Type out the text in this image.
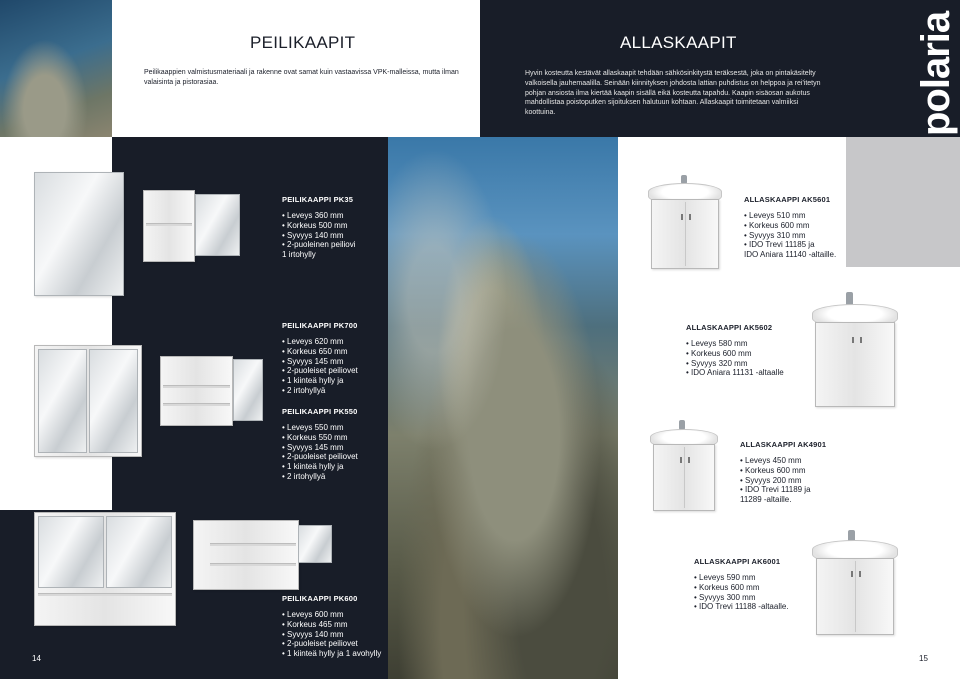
PEILIKAAPIT
Peilikaappien valmistusmateriaali ja rakenne ovat samat kuin vastaavissa VPK-malleissa, mutta ilman valaisinta ja pistorasiaa.
ALLASKAAPIT
Hyvin kosteutta kestävät allaskaapit tehdään sähkösinkitystä teräksestä, joka on pintakäsitelty valkoisella jauhemaalilla. Seinään kiinnityksen johdosta lattian puhdistus on helppoa ja rei'itetyn pohjan ansiosta ilma kiertää kaapin sisällä eikä kosteutta tapahdu. Kaapin sisäosan aukotus mahdollistaa poistoputken sijoituksen halutuun kohtaan. Allaskaapit toimitetaan valmiiksi koottuina.	polaria
PEILIKAAPPI PK35
• Leveys 360 mm
• Korkeus 500 mm
• Syvyys 140 mm
• 2-puoleinen peiliovi
1 irtohylly
PEILIKAAPPI PK700
• Leveys 620 mm
• Korkeus 650 mm
• Syvyys 145 mm
• 2-puoleiset peiliovet
• 1 kiinteä hylly ja
• 2 irtohyllyä
PEILIKAAPPI PK550
• Leveys 550 mm
• Korkeus 550 mm
• Syvyys 145 mm
• 2-puoleiset peiliovet
• 1 kiinteä hylly ja
• 2 irtohyllyä
PEILIKAAPPI PK600
• Leveys 600 mm
• Korkeus 465 mm
• Syvyys 140 mm
• 2-puoleiset peiliovet
• 1 kiinteä hylly ja 1 avohylly
14
ALLASKAAPPI AK5601
• Leveys 510 mm
• Korkeus 600 mm
• Syvyys 310 mm
• IDO Trevi 11185 ja
IDO Aniara 11140 -altaille.
ALLASKAAPPI AK5602
• Leveys 580 mm
• Korkeus 600 mm
• Syvyys 320 mm
• IDO Aniara 11131 -altaalle
ALLASKAAPPI AK4901
• Leveys 450 mm
• Korkeus 600 mm
• Syvyys 200 mm
• IDO Trevi 11189 ja
11289 -altaille.
ALLASKAAPPI AK6001
• Leveys 590 mm
• Korkeus 600 mm
• Syvyys 300 mm
• IDO Trevi 11188 -altaalle.
15
